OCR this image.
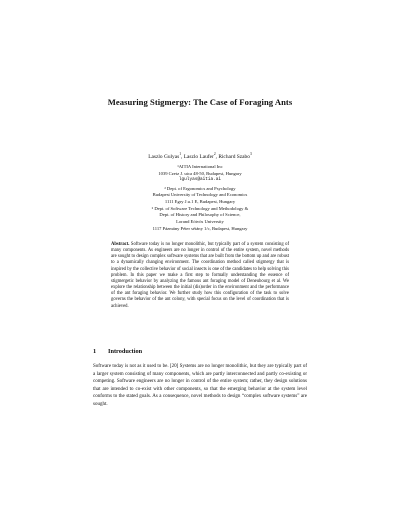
Measuring Stigmergy: The Case of Foraging Ants
Laszlo Gulyas$^1$, Laszlo Laufer$^2$, Richard Szabo$^3$
¹AITIA International Inc
1039 Czetz J. utca 48-50, Budapest, Hungary
lgulyas@aitia.ai
² Dept. of Ergonomics and Psychology
Budapest University of Technology and Economics
1111 Egry J.u.1 E, Budapest, Hungary
³ Dept. of Software Technology and Methodology &
Dept. of History and Philosophy of Science,
Lorand Eötvös University
1117 Pázmány Péter sétány 1/c, Budapest, Hungary
Abstract. Software today is no longer monolithic, but typically part of a system consisting of many components. As engineers are no longer in control of the entire system, novel methods are sought to design complex software systems that are built from the bottom up and are robust to a dynamically changing environment. The coordination method called stigmergy that is inspired by the collective behavior of social insects is one of the candidates to help solving this problem. In this paper we make a first step to formally understanding the essence of stigmergetic behavior by analyzing the famous ant foraging model of Deneubourg et al. We explore the relationship between the initial (dis)order in the environment and the performance of the ant foraging behavior. We further study how this configuration of the task to solve governs the behavior of the ant colony, with special focus on the level of coordination that is achieved.
1 Introduction
Software today is not as it used to be. [20] Systems are no longer monolithic, but they are typically part of a larger system consisting of many components, which are partly interconnected and partly co-existing or competing. Software engineers are no longer in control of the entire system; rather, they design solutions that are intended to co-exist with other components, so that the emerging behavior at the system level conforms to the stated goals. As a consequence, novel methods to design “complex software systems” are sought.
